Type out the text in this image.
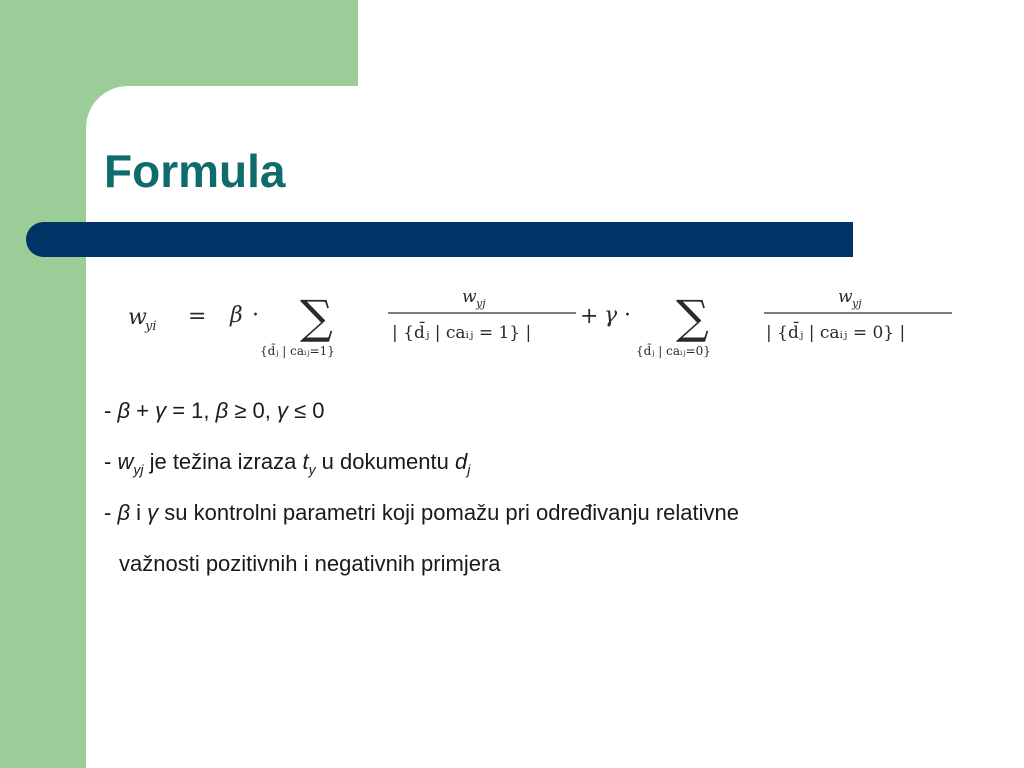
Formula
w
yi = β · ∑
{d̄ⱼ | caᵢⱼ=1}
w yj
| {d̄ⱼ | caᵢⱼ = 1} |
+ γ · ∑
{d̄ⱼ | caᵢⱼ=0}
w yj
| {d̄ⱼ | caᵢⱼ = 0} |
- β + γ = 1, β ≥ 0, γ ≤ 0
- $w_{yj}$ je težina izraza $t_y$ u dokumentu $d_j$
- β i γ su kontrolni parametri koji pomažu pri određivanju relativne
važnosti pozitivnih i negativnih primjera
